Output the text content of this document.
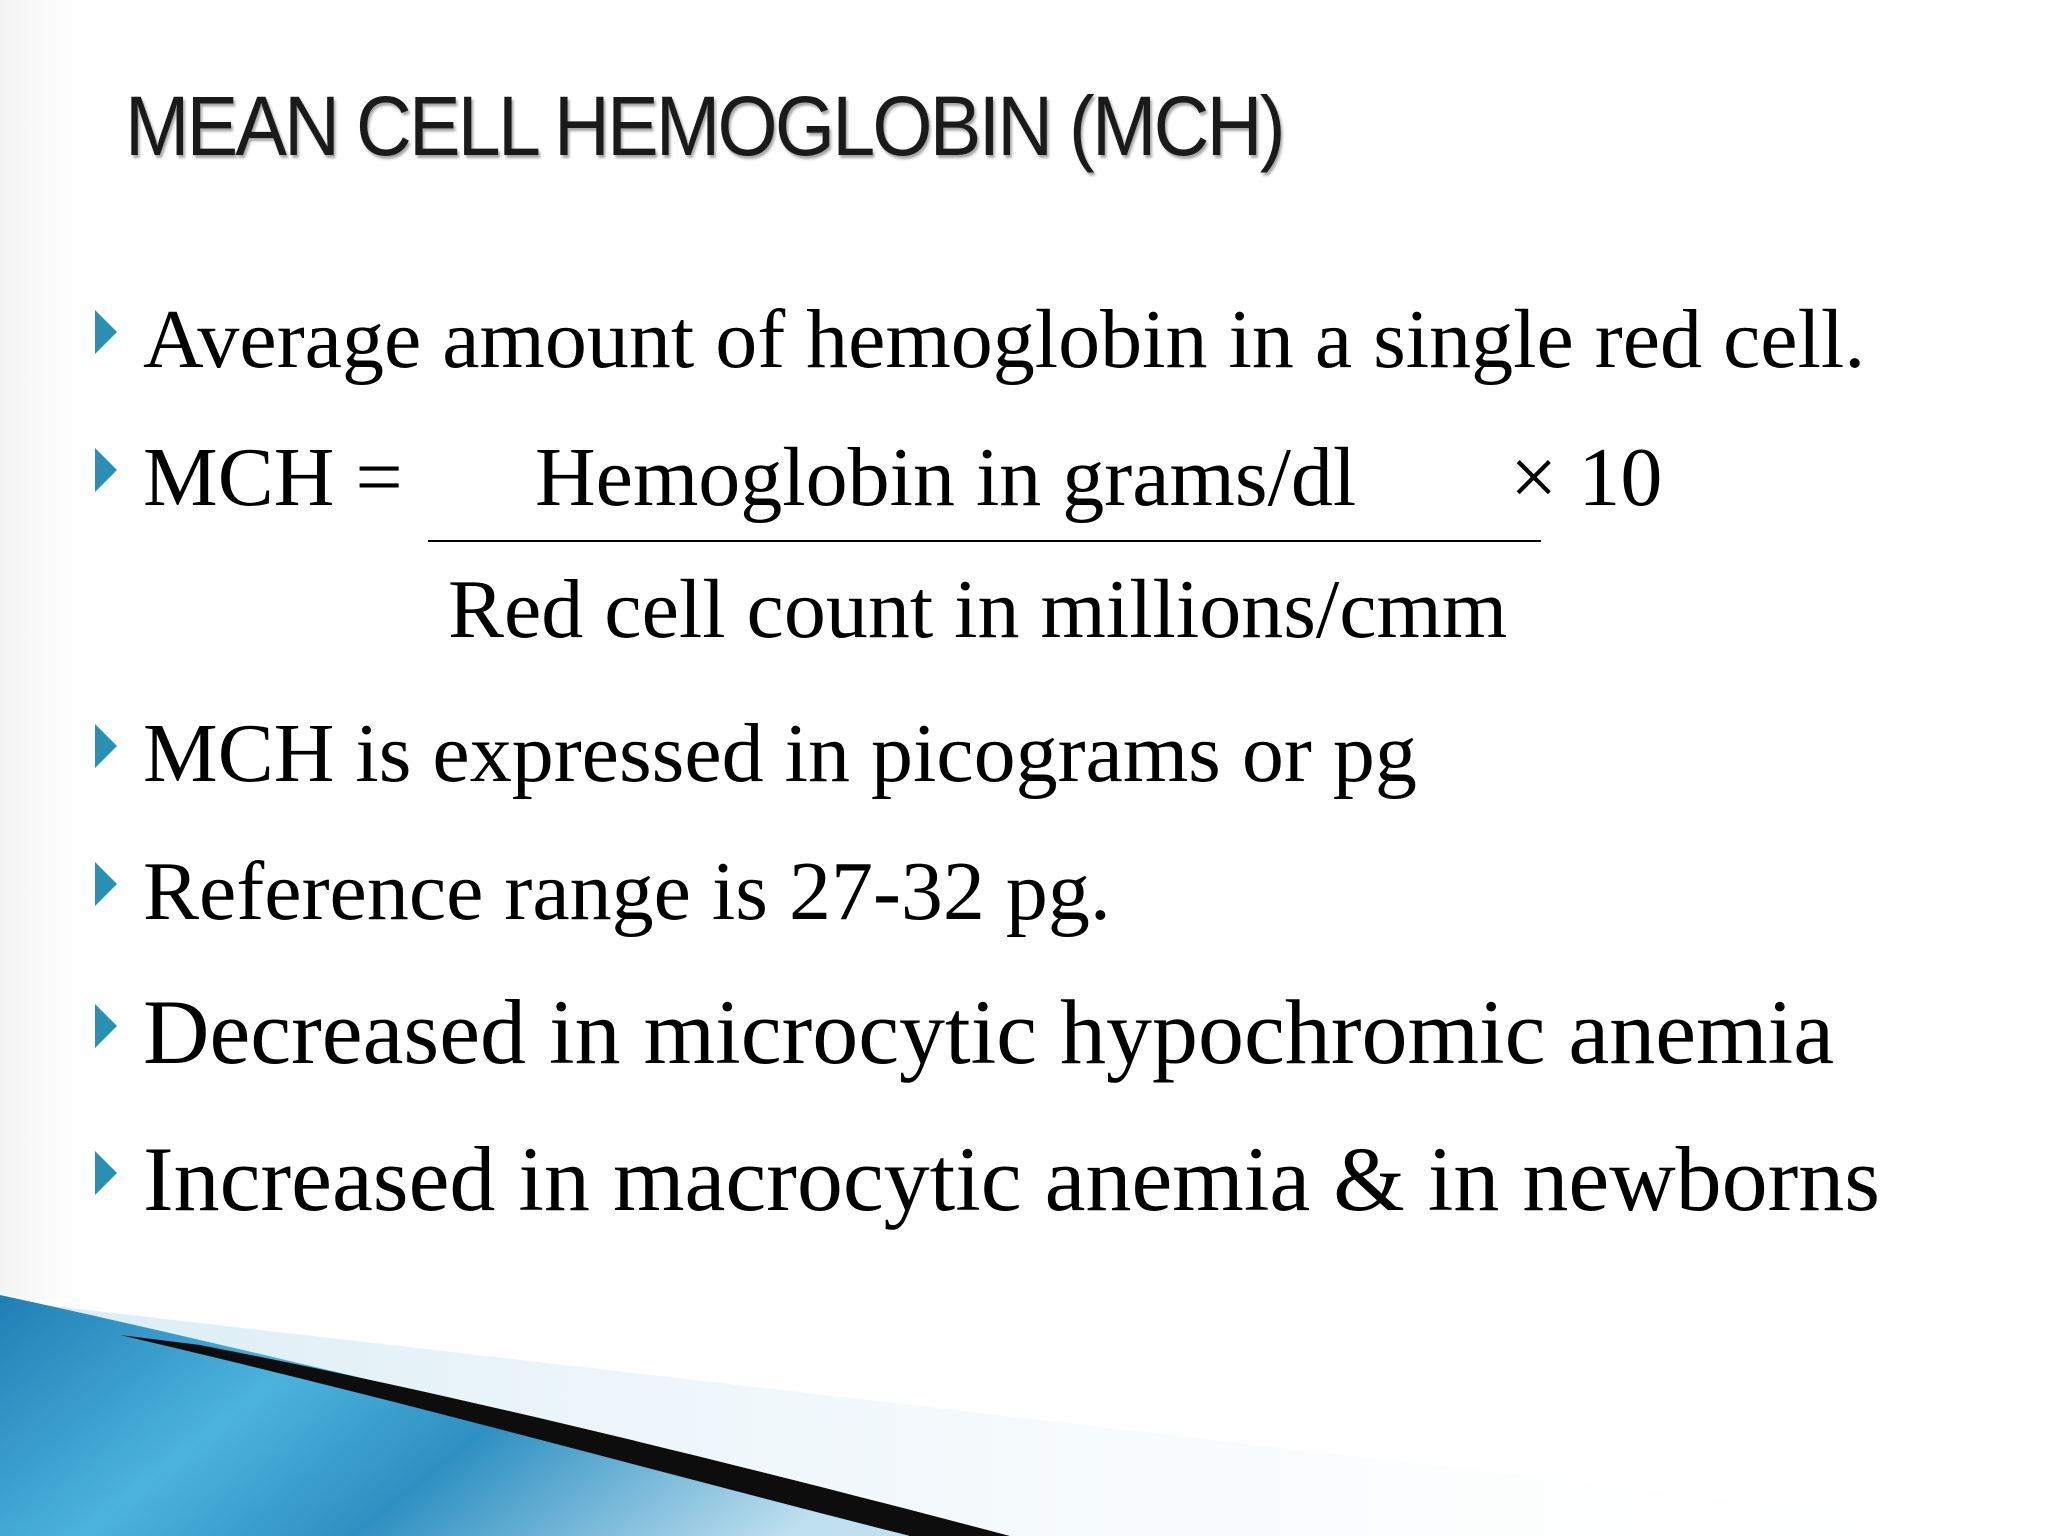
MEAN CELL HEMOGLOBIN (MCH)
Average amount of hemoglobin in a single red cell.
MCH = Hemoglobin in grams/dl × 10
Red cell count in millions/cmm
MCH is expressed in picograms or pg
Reference range is 27-32 pg.
Decreased in microcytic hypochromic anemia
Increased in macrocytic anemia & in newborns
